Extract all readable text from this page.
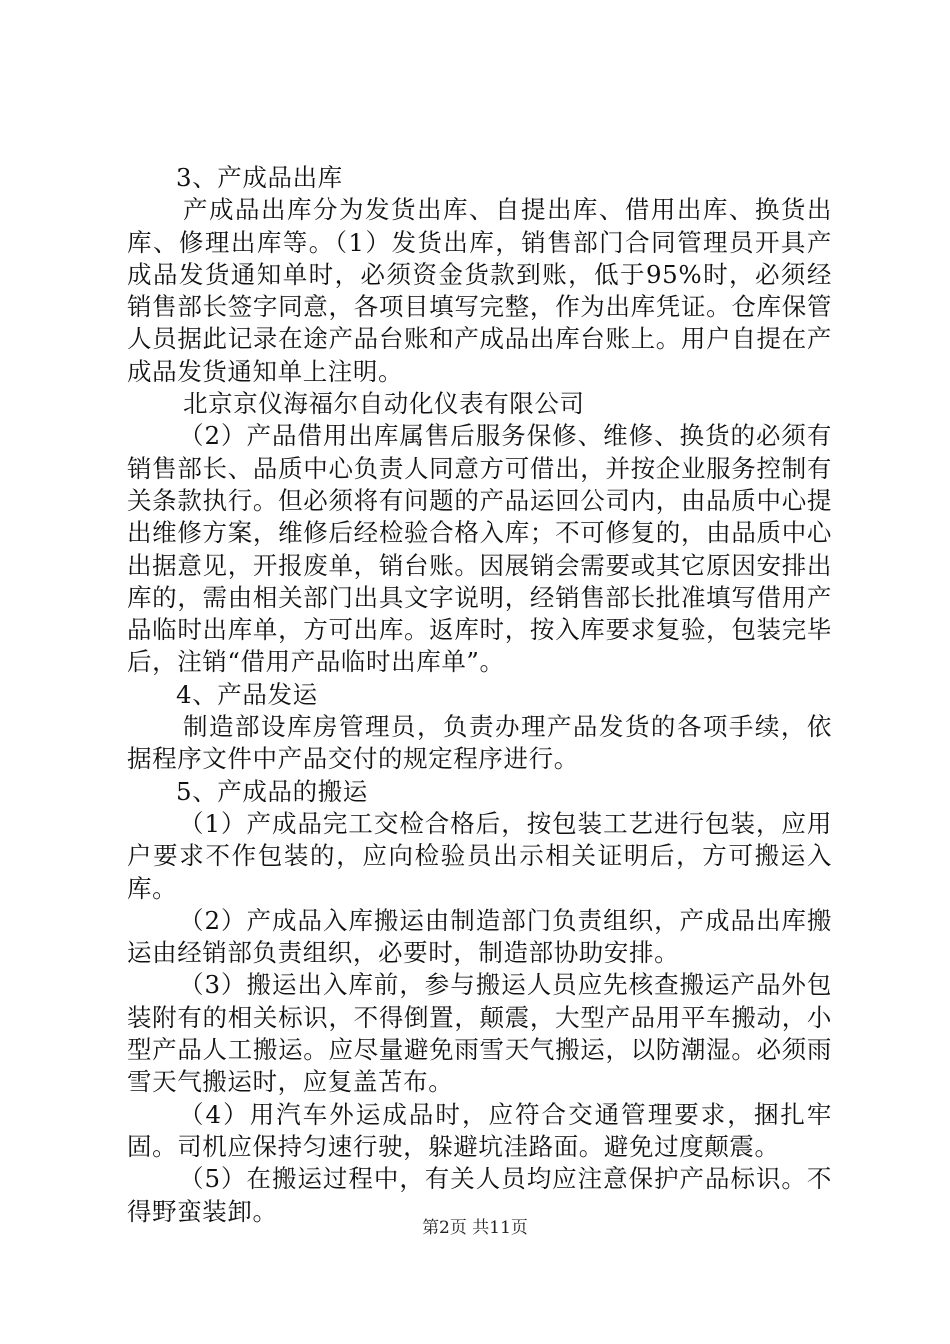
3、产成品出库

产成品出库分为发货出库、自提出库、借用出库、换货出库、修理出库等。（1）发货出库，销售部门合同管理员开具产成品发货通知单时，必须资金货款到账，低于95%时，必须经销售部长签字同意，各项目填写完整，作为出库凭证。仓库保管人员据此记录在途产品台账和产成品出库台账上。用户自提在产成品发货通知单上注明。

北京京仪海福尔自动化仪表有限公司

（2）产品借用出库属售后服务保修、维修、换货的必须有销售部长、品质中心负责人同意方可借出，并按企业服务控制有关条款执行。但必须将有问题的产品运回公司内，由品质中心提出维修方案，维修后经检验合格入库；不可修复的，由品质中心出据意见，开报废单，销台账。因展销会需要或其它原因安排出库的，需由相关部门出具文字说明，经销售部长批准填写借用产品临时出库单，方可出库。返库时，按入库要求复验，包装完毕后，注销“借用产品临时出库单”。

4、产品发运

制造部设库房管理员，负责办理产品发货的各项手续，依据程序文件中产品交付的规定程序进行。

5、产成品的搬运

（1）产成品完工交检合格后，按包装工艺进行包装，应用户要求不作包装的，应向检验员出示相关证明后，方可搬运入库。

（2）产成品入库搬运由制造部门负责组织，产成品出库搬运由经销部负责组织，必要时，制造部协助安排。

（3）搬运出入库前，参与搬运人员应先核查搬运产品外包装附有的相关标识，不得倒置，颠震，大型产品用平车搬动，小型产品人工搬运。应尽量避免雨雪天气搬运，以防潮湿。必须雨雪天气搬运时，应复盖苫布。

（4）用汽车外运成品时，应符合交通管理要求，捆扎牢固。司机应保持匀速行驶，躲避坑洼路面。避免过度颠震。

（5）在搬运过程中，有关人员均应注意保护产品标识。不得野蛮装卸。

第2页 共11页
